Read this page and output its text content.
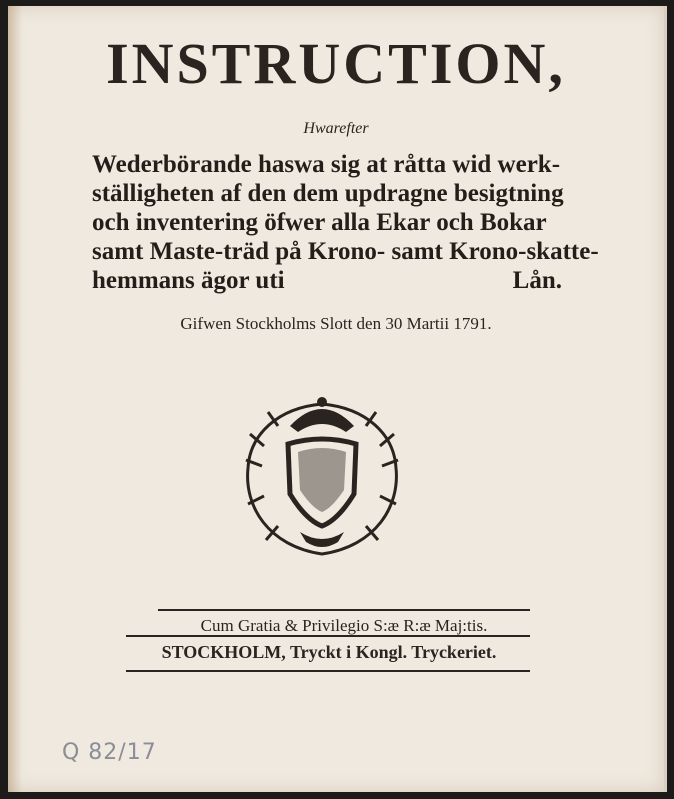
INSTRUCTION,
Hwarefter
Wederbörande haswa sig at råtta wid werk-
ställigheten af den dem updragne besigtning
och inventering öfwer alla Ekar och Bokar
samt Maste-träd på Krono- samt Krono-skatte-
hemmans ägor uti	Lån.
Gifwen Stockholms Slott den 30 Martii 1791.
Cum Gratia & Privilegio S:æ R:æ Maj:tis.
STOCKHOLM, Tryckt i Kongl. Tryckeriet.
Q 82/17
